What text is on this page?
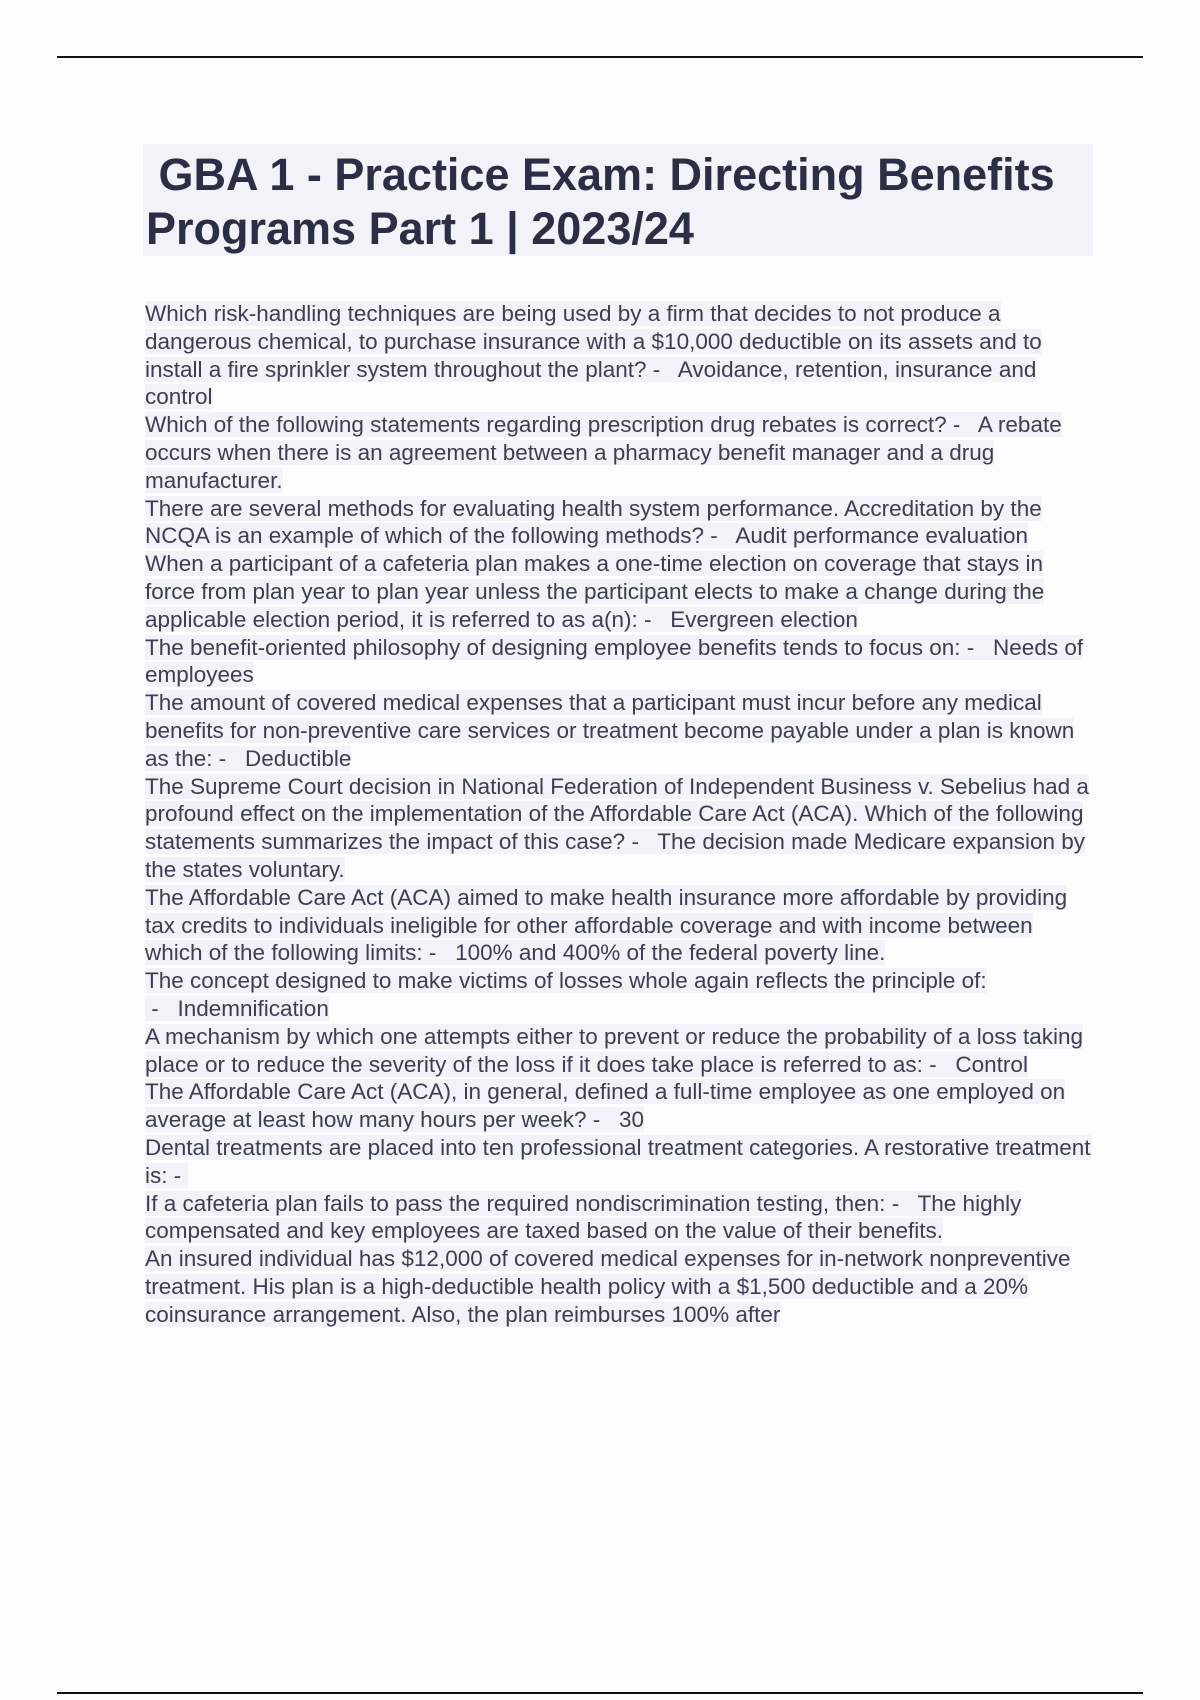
GBA 1 - Practice Exam: Directing Benefits Programs Part 1 | 2023/24

Which risk-handling techniques are being used by a firm that decides to not produce a dangerous chemical, to purchase insurance with a $10,000 deductible on its assets and to install a fire sprinkler system throughout the plant? -   Avoidance, retention, insurance and control

Which of the following statements regarding prescription drug rebates is correct? -   A rebate occurs when there is an agreement between a pharmacy benefit manager and a drug manufacturer.

There are several methods for evaluating health system performance. Accreditation by the NCQA is an example of which of the following methods? -   Audit performance evaluation

When a participant of a cafeteria plan makes a one-time election on coverage that stays in force from plan year to plan year unless the participant elects to make a change during the applicable election period, it is referred to as a(n): -   Evergreen election

The benefit-oriented philosophy of designing employee benefits tends to focus on: -   Needs of employees

The amount of covered medical expenses that a participant must incur before any medical benefits for non-preventive care services or treatment become payable under a plan is known as the: -   Deductible

The Supreme Court decision in National Federation of Independent Business v. Sebelius had a profound effect on the implementation of the Affordable Care Act (ACA). Which of the following statements summarizes the impact of this case? -   The decision made Medicare expansion by the states voluntary.

The Affordable Care Act (ACA) aimed to make health insurance more affordable by providing tax credits to individuals ineligible for other affordable coverage and with income between which of the following limits: -   100% and 400% of the federal poverty line.

The concept designed to make victims of losses whole again reflects the principle of: -   Indemnification

A mechanism by which one attempts either to prevent or reduce the probability of a loss taking place or to reduce the severity of the loss if it does take place is referred to as: -   Control

The Affordable Care Act (ACA), in general, defined a full-time employee as one employed on average at least how many hours per week? -   30

Dental treatments are placed into ten professional treatment categories. A restorative treatment is: -

If a cafeteria plan fails to pass the required nondiscrimination testing, then: -   The highly compensated and key employees are taxed based on the value of their benefits.

An insured individual has $12,000 of covered medical expenses for in-network nonpreventive treatment. His plan is a high-deductible health policy with a $1,500 deductible and a 20% coinsurance arrangement. Also, the plan reimburses 100% after
